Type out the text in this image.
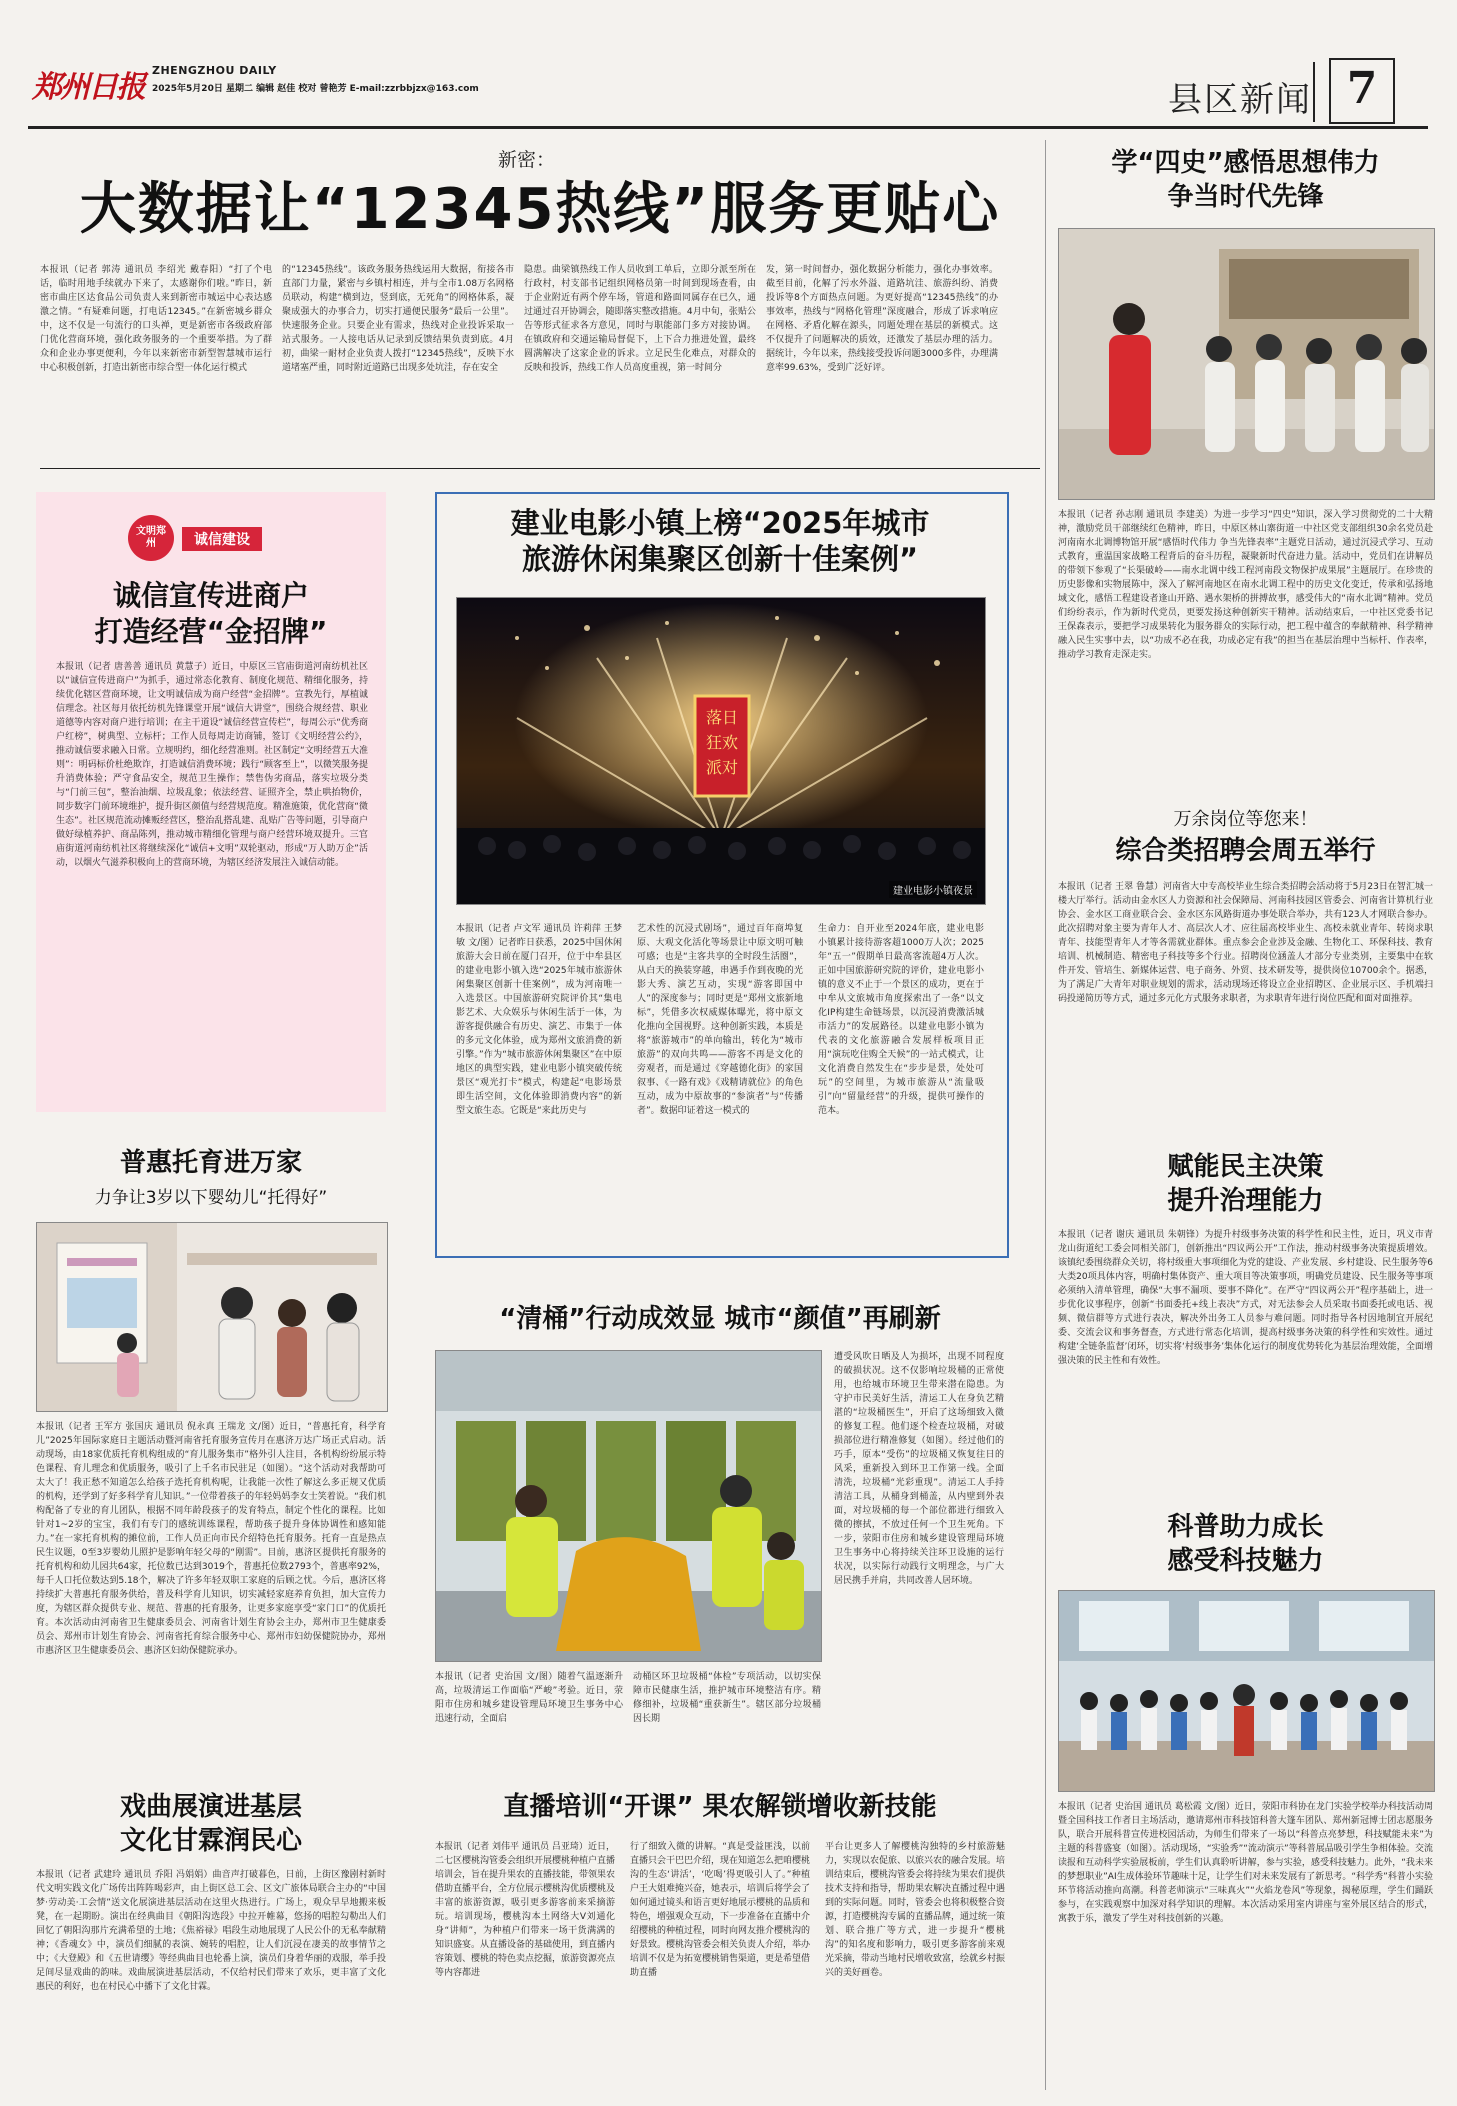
郑州日报 ZHENGZHOU DAILY
2025年5月20日 星期二 编辑 赵佳 校对 曾艳芳 E-mail:zzrbbjzx@163.com	县区新闻 7
新密：
大数据让“12345热线”服务更贴心
本报讯（记者 郭涛 通讯员 李绍光 戴春阳）“打了个电话，临时用地手续就办下来了，太感谢你们啦。”昨日，新密市曲庄区达食品公司负责人来到新密市城运中心表达感激之情。“有疑难问题，打电话12345。”在新密城乡群众中，这不仅是一句流行的口头禅，更是新密市各级政府部门优化营商环境，强化政务服务的一个重要举措。为了群众和企业办事更便利，今年以来新密市新型智慧城市运行中心积极创新，打造出新密市综合型一体化运行模式
的“12345热线”。该政务服务热线运用大数据，衔接各市直部门力量，紧密与乡镇村相连，并与全市1.08万名网格员联动，构建“横到边，竖到底，无死角”的网格体系，凝聚成强大的办事合力，切实打通便民服务“最后一公里”。快速服务企业。只要企业有需求，热线对企业投诉采取一站式服务。一人接电话从记录到反馈结果负责到底。4月初，曲梁一耐材企业负责人拨打“12345热线”，反映下水道堵塞严重，同时附近道路已出现多处坑洼，存在安全
隐患。曲梁镇热线工作人员收到工单后，立即分派至所在行政村，村支部书记组织网格员第一时间到现场查看，由于企业附近有两个停车场，管道和路面同属存在已久，通过通过召开协调会，随即落实整改措施。4月中旬，张贴公告等形式征求各方意见，同时与职能部门多方对接协调。在镇政府和交通运输局督促下，上下合力推进处置，最终圆满解决了这家企业的诉求。立足民生化难点，对群众的反映和投诉，热线工作人员高度重视，第一时间分
发，第一时间督办，强化数据分析能力，强化办事效率。截至目前，化解了污水外溢、道路坑洼、旅游纠纷、消费投诉等8个方面热点问题。为更好提高“12345热线”的办事效率，热线与“网格化管理”深度融合，形成了诉求响应在网格、矛盾化解在源头，同题处理在基层的新模式。这不仅提升了问题解决的质效，还激发了基层办理的活力。据统计，今年以来，热线接受投诉问题3000多件，办理满意率99.63%，受到广泛好评。
文明郑州	诚信建设
诚信宣传进商户
打造经营“金招牌”
本报讯（记者 唐善善 通讯员 黄慧子）近日，中原区三官庙街道河南纺机社区以“诚信宣传进商户”为抓手，通过常态化教育、制度化规范、精细化服务，持续优化辖区营商环境，让文明诚信成为商户经营“金招牌”。宣教先行，厚植诚信理念。社区每月依托纺机先锋课堂开展“诚信大讲堂”，围绕合规经营、职业道德等内容对商户进行培训；在主干道设“诚信经营宣传栏”，每周公示“优秀商户红榜”，树典型、立标杆；工作人员每周走访商铺，签订《文明经营公约》，推动诚信要求融入日常。立规明约，细化经营准则。社区制定“文明经营五大准则”：明码标价杜绝欺诈，打造诚信消费环境；践行“顾客至上”，以微笑服务提升消费体验；严守食品安全，规范卫生操作；禁售伪劣商品，落实垃圾分类与“门前三包”，整治油烟、垃圾乱象；依法经营、证照齐全，禁止哄抬物价，同步数字门前环境维护，提升街区颜值与经营规范度。精准施策，优化营商“微生态”。社区规范流动摊贩经营区，整治乱搭乱建、乱贴广告等问题，引导商户做好绿植养护、商品陈列，推动城市精细化管理与商户经营环境双提升。三官庙街道河南纺机社区将继续深化“诚信+文明”双轮驱动，形成“万人助万企”活动，以烟火气滋养积极向上的营商环境，为辖区经济发展注入诚信动能。
建业电影小镇上榜“2025年城市
旅游休闲集聚区创新十佳案例”
落日
狂欢
派对
建业电影小镇夜景
本报讯（记者 卢文军 通讯员 许莉萍 王梦敏 文/图）记者昨日获悉，2025中国休闲旅游大会日前在厦门召开，位于中牟县区的建业电影小镇入选“2025年城市旅游休闲集聚区创新十佳案例”，成为河南唯一入选景区。中国旅游研究院评价其“集电影艺术、大众娱乐与休闲生活于一体，为游客提供融合有历史、演艺、市集于一体的多元文化体验，成为郑州文旅消费的新引擎。”作为“城市旅游休闲集聚区”在中原地区的典型实践，建业电影小镇突破传统景区“观光打卡”模式，构建起“电影场景即生活空间，文化体验即消费内容”的新型文旅生态。它既是“来此历史与
艺术性的沉浸式剧场”，通过百年商埠复原、大观文化活化等场景让中原文明可触可感；也是“主客共享的全时段生活圈”，从白天的换装穿越，串遇手作到夜晚的光影大秀、演艺互动，实现“游客即国中人”的深度参与；同时更是“郑州文旅新地标”，凭借多次权威媒体曝光，将中原文化推向全国视野。这种创新实践，本质是将“旅游城市”的单向输出，转化为“城市旅游”的双向共鸣——游客不再是文化的旁观者，而是通过《穿越德化街》的家国叙事、《一路有戏》《戏精请就位》的角色互动，成为中原故事的“参演者”与“传播者”。数据印证着这一模式的
生命力：自开业至2024年底，建业电影小镇累计接待游客超1000万人次；2025年“五一”假期单日最高客流超4万人次。正如中国旅游研究院的评价，建业电影小镇的意义不止于一个景区的成功，更在于中牟从文旅城市角度探索出了一条“以文化IP构建生命链场景，以沉浸消费激活城市活力”的发展路径。以建业电影小镇为代表的文化旅游融合发展样板项目正用“演玩吃住购全天候”的一站式模式，让文化消费自然发生在“步步是景，处处可玩”的空间里，为城市旅游从“流量吸引”向“留量经营”的升级，提供可操作的范本。
普惠托育进万家
力争让3岁以下婴幼儿“托得好”
本报讯（记者 王军方 张国庆 通讯员 倪永真 王瑞龙 文/图）近日，“普惠托育，科学育儿”2025年国际家庭日主题活动暨河南省托育服务宣传月在惠济万达广场正式启动。活动现场，由18家优质托育机构组成的“育儿服务集市”格外引人注目，各机构纷纷展示特色课程、育儿理念和优质服务，吸引了上千名市民驻足（如图）。“这个活动对我帮助可太大了！我正愁不知道怎么给孩子选托育机构呢，让我能一次性了解这么多正规又优质的机构，还学到了好多科学育儿知识。”一位带着孩子的年轻妈妈李女士笑着说。“我们机构配备了专业的育儿团队，根据不同年龄段孩子的发育特点，制定个性化的课程。比如针对1~2岁的宝宝，我们有专门的感统训练课程，帮助孩子提升身体协调性和感知能力。”在一家托育机构的摊位前，工作人员正向市民介绍特色托育服务。托育一直是热点民生议题，0至3岁婴幼儿照护是影响年轻父母的“刚需”。目前，惠济区提供托育服务的托育机构和幼儿园共64家，托位数已达到3019个，普惠托位数2793个，普惠率92%，每千人口托位数达到5.18个，解决了许多年轻双职工家庭的后顾之忧。今后，惠济区将持续扩大普惠托育服务供给，普及科学育儿知识，切实减轻家庭养育负担，加大宣传力度，为辖区群众提供专业、规范、普惠的托育服务，让更多家庭享受“家门口”的优质托育。本次活动由河南省卫生健康委员会、河南省计划生育协会主办，郑州市卫生健康委员会、郑州市计划生育协会、河南省托育综合服务中心、郑州市妇幼保健院协办，郑州市惠济区卫生健康委员会、惠济区妇幼保健院承办。
“清桶”行动成效显 城市“颜值”再刷新
本报讯（记者 史治国 文/图）随着气温逐渐升高，垃圾清运工作面临“严峻”考验。近日，荥阳市住房和城乡建设管理局环境卫生事务中心迅速行动，全面启
动桶区环卫垃圾桶“体检”专项活动，以切实保障市民健康生活，推护城市环境整洁有序。精修细补，垃圾桶“重获新生”。辖区部分垃圾桶因长期
遭受风吹日晒及人为损坏，出现不同程度的破损状况。这不仅影响垃圾桶的正常使用，也给城市环境卫生带来潜在隐患。为守护市民美好生活，清运工人在身负艺精湛的“垃圾桶医生”，开启了这场细致入微的修复工程。他们逐个检查垃圾桶，对破损部位进行精准修复（如图）。经过他们的巧手，原本“受伤”的垃圾桶又恢复往日的风采，重新投入到环卫工作第一线。全面清洗，垃圾桶“光彩重现”。清运工人手持清洁工具，从桶身到桶盖，从内壁到外表面，对垃圾桶的每一个部位都进行细致入微的擦拭，不放过任何一个卫生死角。下一步，荥阳市住房和城乡建设管理局环境卫生事务中心将持续关注环卫设施的运行状况，以实际行动践行文明理念，与广大居民携手并肩，共同改善人居环境。
戏曲展演进基层
文化甘霖润民心
本报讯（记者 武建玲 通讯员 乔阳 冯娟娟）曲音声打破暮色，日前，上街区豫剧村新时代文明实践文化广场传出阵阵喝彩声，由上街区总工会、区文广旅体局联合主办的“中国梦·劳动美·工会情”送文化展演进基层活动在这里火热进行。广场上，观众早早地搬来板凳，在一起期盼。演出在经典曲目《朝阳沟选段》中拉开帷幕，悠扬的唱腔勾勒出人们回忆了朝阳沟那片充满希望的土地；《焦裕禄》唱段生动地展现了人民公仆的无私奉献精神；《香魂女》中，演员们细腻的表演、婉转的唱腔，让人们沉浸在凄美的故事情节之中；《大登殿》和《五世请缨》等经典曲目也轮番上演，演员们身着华丽的戏服，举手投足间尽显戏曲的韵味。戏曲展演进基层活动，不仅给村民们带来了欢乐，更丰富了文化惠民的利好，也在村民心中播下了文化甘霖。
直播培训“开课” 果农解锁增收新技能
本报讯（记者 刘伟平 通讯员 吕亚琦）近日，二七区樱桃沟管委会组织开展樱桃种植户直播培训会，旨在提升果农的直播技能，带领果农借助直播平台，全方位展示樱桃沟优质樱桃及丰富的旅游资源，吸引更多游客前来采摘游玩。培训现场，樱桃沟本土网络大V刘通化身“讲师”，为种植户们带来一场干货满满的知识盛宴。从直播设备的基础使用，到直播内容策划、樱桃的特色卖点挖掘，旅游资源亮点等内容都进
行了细致入微的讲解。“真是受益匪浅，以前直播只会干巴巴介绍，现在知道怎么把咱樱桃沟的生态‘讲活’，‘吃喝’得更吸引人了。”种植户王大姐难掩兴奋，她表示，培训后将学会了如何通过镜头和语言更好地展示樱桃的品质和特色，增强观众互动，下一步准备在直播中介绍樱桃的种植过程，同时向网友推介樱桃沟的好景致。樱桃沟管委会相关负责人介绍，举办培训不仅是为拓宽樱桃销售渠道，更是希望借助直播
平台让更多人了解樱桃沟独特的乡村旅游魅力，实现以农促旅、以旅兴农的融合发展。培训结束后，樱桃沟管委会将持续为果农们提供技术支持和指导，帮助果农解决直播过程中遇到的实际问题。同时，管委会也将积极整合资源，打造樱桃沟专属的直播品牌，通过统一策划、联合推广等方式，进一步提升“樱桃沟”的知名度和影响力，吸引更多游客前来观光采摘，带动当地村民增收致富，绘就乡村振兴的美好画卷。
学“四史”感悟思想伟力
争当时代先锋
本报讯（记者 孙志刚 通讯员 李建美）为进一步学习“四史”知识，深入学习贯彻党的二十大精神，激励党员干部继续红色精神，昨日，中原区林山寨街道一中社区党支部组织30余名党员赴河南南水北调博物馆开展“感悟时代伟力 争当先锋表率”主题党日活动，通过沉浸式学习、互动式教育，重温国家战略工程背后的奋斗历程，凝聚新时代奋进力量。活动中，党员们在讲解员的带领下参观了“长渠破岭——南水北调中线工程河南段文物保护成果展”主题展厅。在珍贵的历史影像和实物展陈中，深入了解河南地区在南水北调工程中的历史文化变迁，传承和弘扬地域文化，感悟工程建设者逢山开路、遇水架桥的拼搏故事，感受伟大的“南水北调”精神。党员们纷纷表示，作为新时代党员，更要发扬这种创新实干精神。活动结束后，一中社区党委书记王保森表示，要把学习成果转化为服务群众的实际行动，把工程中蕴含的奉献精神、科学精神融入民生实事中去，以“功成不必在我，功成必定有我”的担当在基层治理中当标杆、作表率，推动学习教育走深走实。
万余岗位等您来！
综合类招聘会周五举行
本报讯（记者 王翠 鲁慧）河南省大中专高校毕业生综合类招聘会活动将于5月23日在智汇城一楼大厅举行。活动由金水区人力资源和社会保障局、河南科技园区管委会、河南省计算机行业协会、金水区工商业联合会、金水区东风路街道办事处联合举办，共有123人才网联合参办。此次招聘对象主要为青年人才、高层次人才、应往届高校毕业生、高校未就业青年、转岗求职青年、技能型青年人才等各需就业群体。重点参会企业涉及金融、生物化工、环保科技、教育培训、机械制造、精密电子科技等多个行业。招聘岗位涵盖人才部分专业类别，主要集中在软件开发、管培生、新媒体运营、电子商务、外贸、技术研发等，提供岗位10700余个。据悉，为了满足广大青年对职业规划的需求，活动现场还将设立企业招聘区、企业展示区、手机端扫码投递简历等方式，通过多元化方式服务求职者，为求职青年进行岗位匹配和面对面推荐。
赋能民主决策
提升治理能力
本报讯（记者 谢庆 通讯员 朱朝锋）为提升村级事务决策的科学性和民主性，近日，巩义市青龙山街道纪工委会同相关部门，创新推出“四议两公开”工作法，推动村级事务决策提质增效。该镇纪委围绕群众关切，将村级重大事项细化为党的建设、产业发展、乡村建设、民生服务等6大类20项具体内容，明确村集体资产、重大项目等决策事项，明确党员建设、民生服务等事项必须纳入清单管理，确保“大事不漏项、要事不降化”。在严守“四议两公开”程序基础上，进一步优化议事程序，创新“书面委托+线上表决”方式，对无法参会人员采取书面委托或电话、视频、微信群等方式进行表决，解决外出务工人员参与难问题。同时指导各村因地制宜开展纪委、交流会议和事务督查，方式进行常态化培训，提高村级事务决策的科学性和实效性。通过构建‘全链条监督’闭环，切实将‘村级事务’集体化运行的制度优势转化为基层治理效能，全面增强决策的民主性和有效性。
科普助力成长
感受科技魅力
本报讯（记者 史治国 通讯员 葛松霞 文/图）近日，荥阳市科协在龙门实验学校举办科技活动周暨全国科技工作者日主场活动，邀请郑州市科技馆科普大篷车团队、郑州新冠博士团志愿服务队，联合开展科普宣传进校园活动，为师生们带来了一场以“科普点亮梦想，科技赋能未来”为主题的科普盛宴（如图）。活动现场，“实验秀”“流动演示”等科普展品吸引学生争相体验。交流读报和互动科学实验展板前，学生们认真聆听讲解，参与实验，感受科技魅力。此外，“我未来的梦想职业”AI生成体验环节趣味十足，让学生们对未来发展有了新思考。“科学秀”科普小实验环节将活动推向高潮。科普老师演示“三味真火”“火焰龙卷风”等现象，揭秘原理，学生们踊跃参与，在实践观察中加深对科学知识的理解。本次活动采用室内讲座与室外展区结合的形式，寓教于乐，激发了学生对科技创新的兴趣。
